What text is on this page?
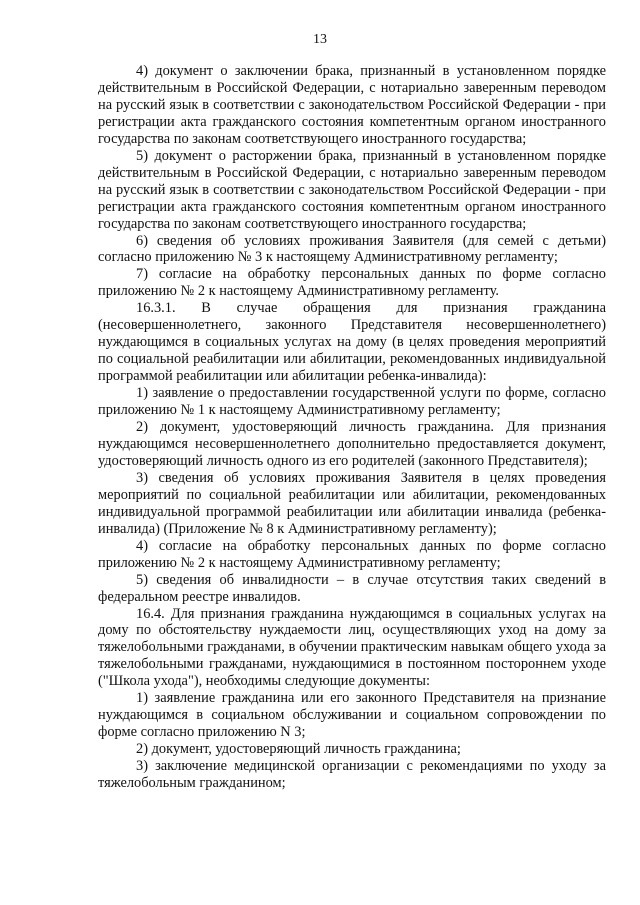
13

4) документ о заключении брака, признанный в установленном порядке действительным в Российской Федерации, с нотариально заверенным переводом на русский язык в соответствии с законодательством Российской Федерации - при регистрации акта гражданского состояния компетентным органом иностранного государства по законам соответствующего иностранного государства;

5) документ о расторжении брака, признанный в установленном порядке действительным в Российской Федерации, с нотариально заверенным переводом на русский язык в соответствии с законодательством Российской Федерации - при регистрации акта гражданского состояния компетентным органом иностранного государства по законам соответствующего иностранного государства;

6) сведения об условиях проживания Заявителя (для семей с детьми) согласно приложению № 3 к настоящему Административному регламенту;

7) согласие на обработку персональных данных по форме согласно приложению № 2 к настоящему Административному регламенту.

16.3.1. В случае обращения для признания гражданина (несовершеннолетнего, законного Представителя несовершеннолетнего) нуждающимся в социальных услугах на дому (в целях проведения мероприятий по социальной реабилитации или абилитации, рекомендованных индивидуальной программой реабилитации или абилитации ребенка-инвалида):

1) заявление о предоставлении государственной услуги по форме, согласно приложению № 1 к настоящему Административному регламенту;

2) документ, удостоверяющий личность гражданина. Для признания нуждающимся несовершеннолетнего дополнительно предоставляется документ, удостоверяющий личность одного из его родителей (законного Представителя);

3) сведения об условиях проживания Заявителя в целях проведения мероприятий по социальной реабилитации или абилитации, рекомендованных индивидуальной программой реабилитации или абилитации инвалида (ребенка-инвалида) (Приложение № 8 к Административному регламенту);

4) согласие на обработку персональных данных по форме согласно приложению № 2 к настоящему Административному регламенту;

5) сведения об инвалидности – в случае отсутствия таких сведений в федеральном реестре инвалидов.

16.4. Для признания гражданина нуждающимся в социальных услугах на дому по обстоятельству нуждаемости лиц, осуществляющих уход на дому за тяжелобольными гражданами, в обучении практическим навыкам общего ухода за тяжелобольными гражданами, нуждающимися в постоянном постороннем уходе ("Школа ухода"), необходимы следующие документы:

1) заявление гражданина или его законного Представителя на признание нуждающимся в социальном обслуживании и социальном сопровождении по форме согласно приложению N 3;

2) документ, удостоверяющий личность гражданина;

3) заключение медицинской организации с рекомендациями по уходу за тяжелобольным гражданином;
